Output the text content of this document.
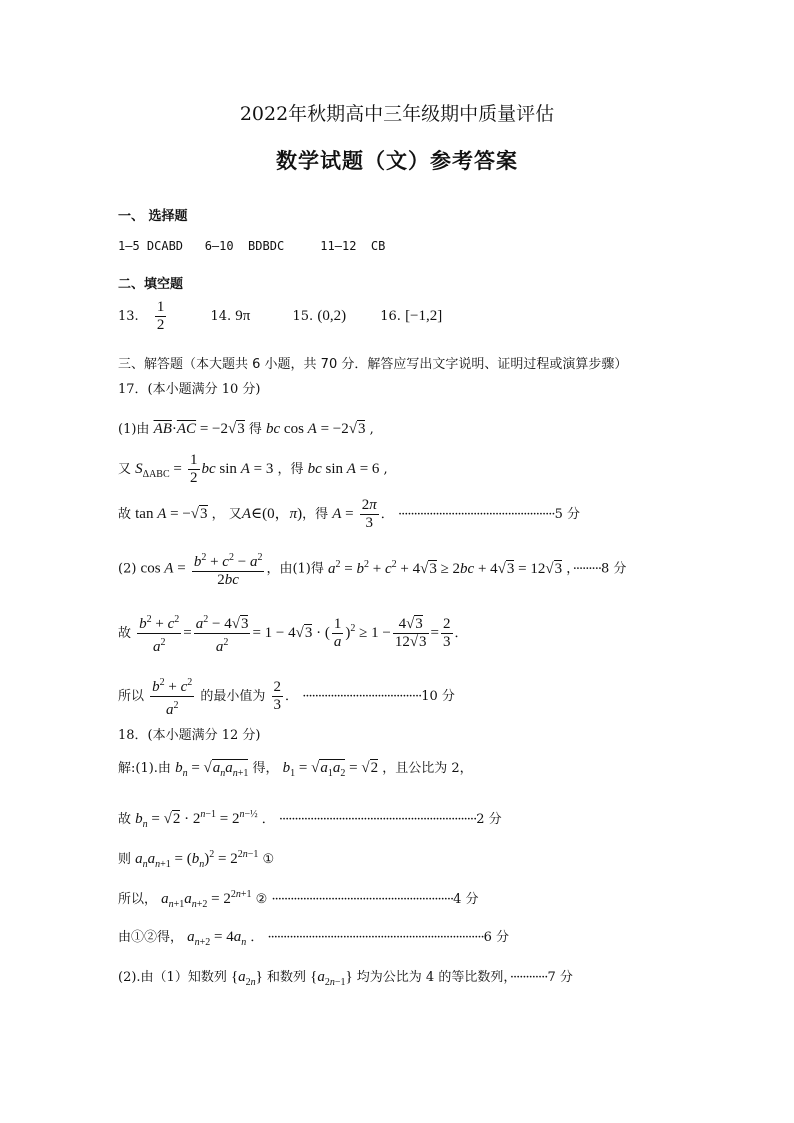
2022年秋期高中三年级期中质量评估
数学试题（文）参考答案
一、 选择题
1—5 DCABD   6—10  BDBDC     11—12  CB
二、填空题
13. $\frac{1}{2}$	14. 9π	15. (0,2)	16. [−1,2]
三、解答题（本大题共 6 小题，共 70 分．解答应写出文字说明、证明过程或演算步骤）
17．(本小题满分 10 分)
(1)由 $\overline{AB}\cdot\overline{AC} = -2√3$ 得 bc cos A = −2√3 ,
又 $S_{\Delta ABC} = \frac{1}{2}$ bc sin A = 3 ，得 bc sin A = 6 ,
故 tan A = −√3 ， 又A∈(0，π)，得 $A = \frac{2\pi}{3}$ ． ··················································5 分
(2) $\cos A = \frac{b^2 + c^2 - a^2}{2bc}$ ，由(1)得 $a^2 = b^2 + c^2 + 4√3 \ge 2bc + 4√3 = 12√3$ ，·········8 分
故 $\frac{b^2 + c^2}{a^2} = \frac{a^2 - 4√3}{a^2} = 1 - 4√3$ · ( $\frac{1}{a} )^2 \ge 1 - \frac{4√3}{12√3} = \frac{2}{3}$ ．
所以 $\frac{b^2 + c^2}{a^2}$ 的最小值为 $\frac{2}{3}$ ． ······································10 分
18．(本小题满分 12 分)
解:(1).由 $b_n = √a_na_{n+1}$ 得， $b_1 = √a_1a_2 = √2$ ，且公比为 2，
故 $b_n = √2 \cdot 2^{n-1} = 2^{n-\frac{1}{2}}$ ． ·······························································2 分
则 $a_na_{n+1} = (b_n)^2 = 2^{2n-1}$ ①
所以， $a_{n+1}a_{n+2} = 2^{2n+1}$ ② ··························································4 分
由①②得， $a_{n+2} = 4a_n$ ． ·····································································6 分
(2).由（1）知数列 $\{a_{2n}\}$ 和数列 $\{a_{2n-1}\}$ 均为公比为 4 的等比数列，············7 分
